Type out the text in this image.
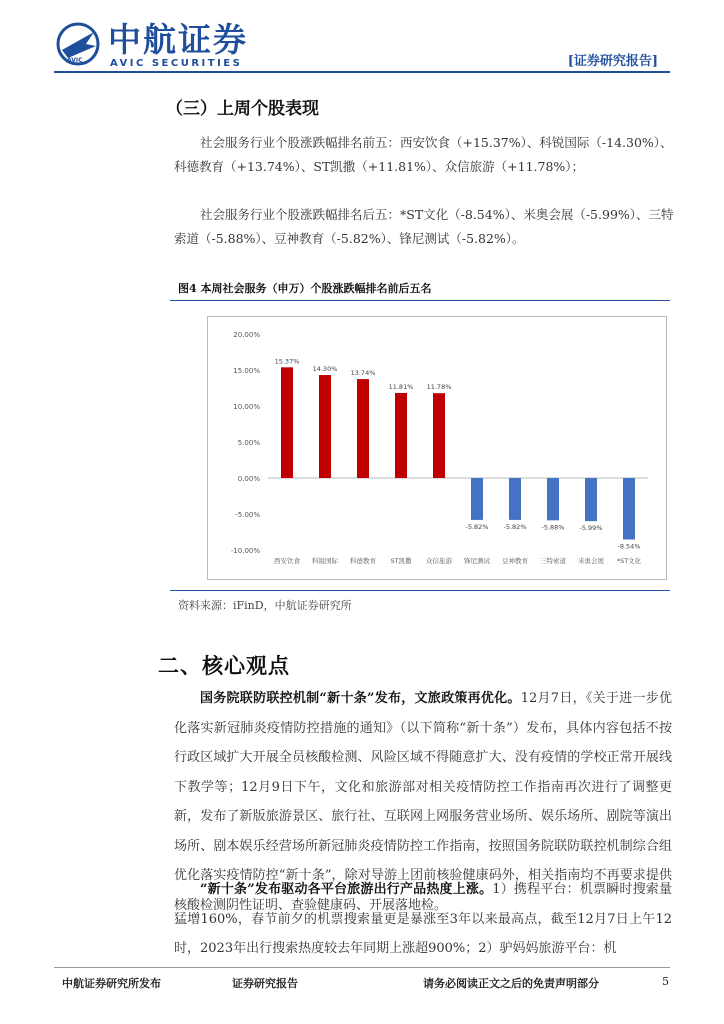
AVIC
中航证券
AVIC SECURITIES	[证券研究报告]
（三）上周个股表现
社会服务行业个股涨跌幅排名前五：西安饮食（+15.37%）、科锐国际（-14.30%）、科德教育（+13.74%）、ST凯撒（+11.81%）、众信旅游（+11.78%）；
社会服务行业个股涨跌幅排名后五：*ST文化（-8.54%）、米奥会展（-5.99%）、三特索道（-5.88%）、豆神教育（-5.82%）、锋尼测试（-5.82%）。
图4 本周社会服务（申万）个股涨跌幅排名前后五名
20.00%
15.00%
10.00%
5.00%
0.00%
-5.00%
-10.00%
15.37%
西安饮食
14.30%
科锐国际
13.74%
科德教育
11.81%
ST凯撒
11.78%
众信旅游
-5.82%
锋尼测试
-5.82%
豆神教育
-5.88%
三特索道
-5.99%
米奥会展
-8.54%
*ST文化
资料来源：iFinD，中航证券研究所
二、核心观点
国务院联防联控机制“新十条”发布，文旅政策再优化。12月7日，《关于进一步优化落实新冠肺炎疫情防控措施的通知》（以下简称“新十条”）发布，具体内容包括不按行政区域扩大开展全员核酸检测、风险区域不得随意扩大、没有疫情的学校正常开展线下教学等；12月9日下午，文化和旅游部对相关疫情防控工作指南再次进行了调整更新，发布了新版旅游景区、旅行社、互联网上网服务营业场所、娱乐场所、剧院等演出场所、剧本娱乐经营场所新冠肺炎疫情防控工作指南，按照国务院联防联控机制综合组优化落实疫情防控“新十条”，除对导游上团前核验健康码外，相关指南均不再要求提供核酸检测阴性证明、查验健康码、开展落地检。
“新十条”发布驱动各平台旅游出行产品热度上涨。1）携程平台：机票瞬时搜索量猛增160%，春节前夕的机票搜索量更是暴涨至3年以来最高点，截至12月7日上午12时，2023年出行搜索热度较去年同期上涨超900%；2）驴妈妈旅游平台：机
中航证券研究所发布	证券研究报告	请务必阅读正文之后的免责声明部分	5
